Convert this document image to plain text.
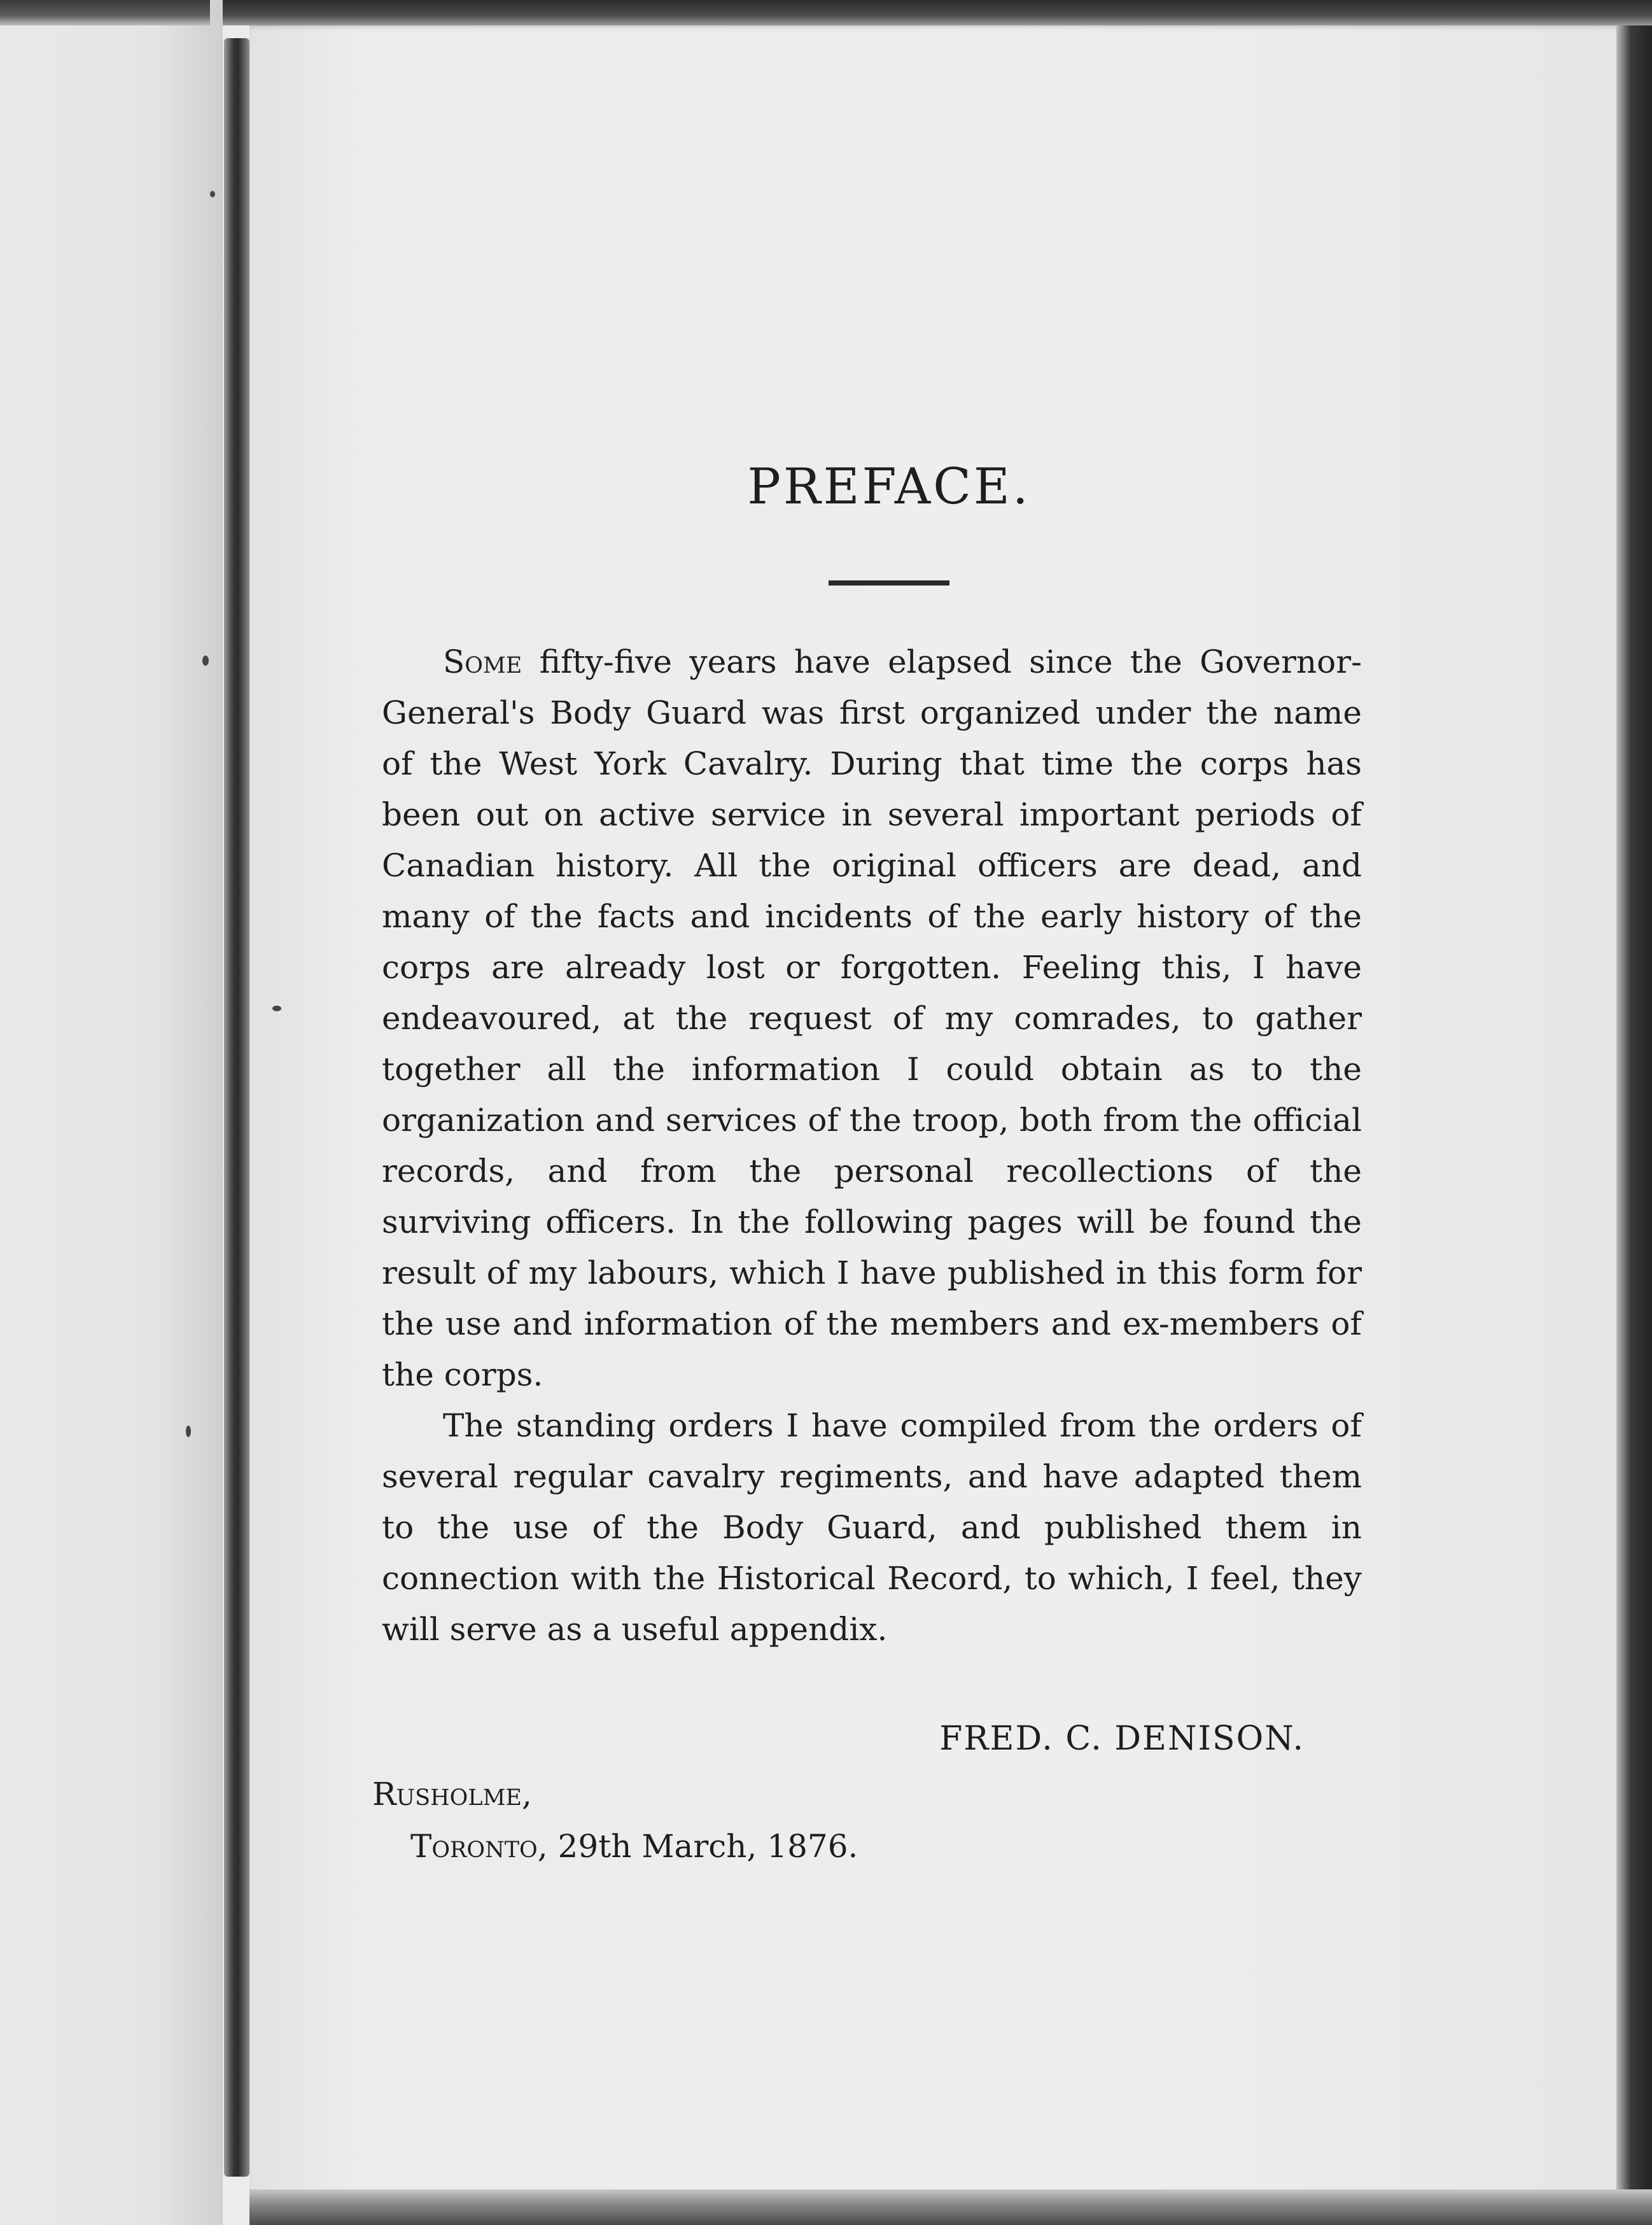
PREFACE.

Some fifty-five years have elapsed since the Governor-General's Body Guard was first organized under the name of the West York Cavalry. During that time the corps has been out on active service in several important periods of Canadian history. All the original officers are dead, and many of the facts and incidents of the early history of the corps are already lost or forgotten. Feeling this, I have endeavoured, at the request of my comrades, to gather together all the information I could obtain as to the organization and services of the troop, both from the official records, and from the personal recollections of the surviving officers. In the following pages will be found the result of my labours, which I have published in this form for the use and information of the members and ex-members of the corps.

The standing orders I have compiled from the orders of several regular cavalry regiments, and have adapted them to the use of the Body Guard, and published them in connection with the Historical Record, to which, I feel, they will serve as a useful appendix.

FRED. C. DENISON.
Rusholme,
Toronto, 29th March, 1876.
